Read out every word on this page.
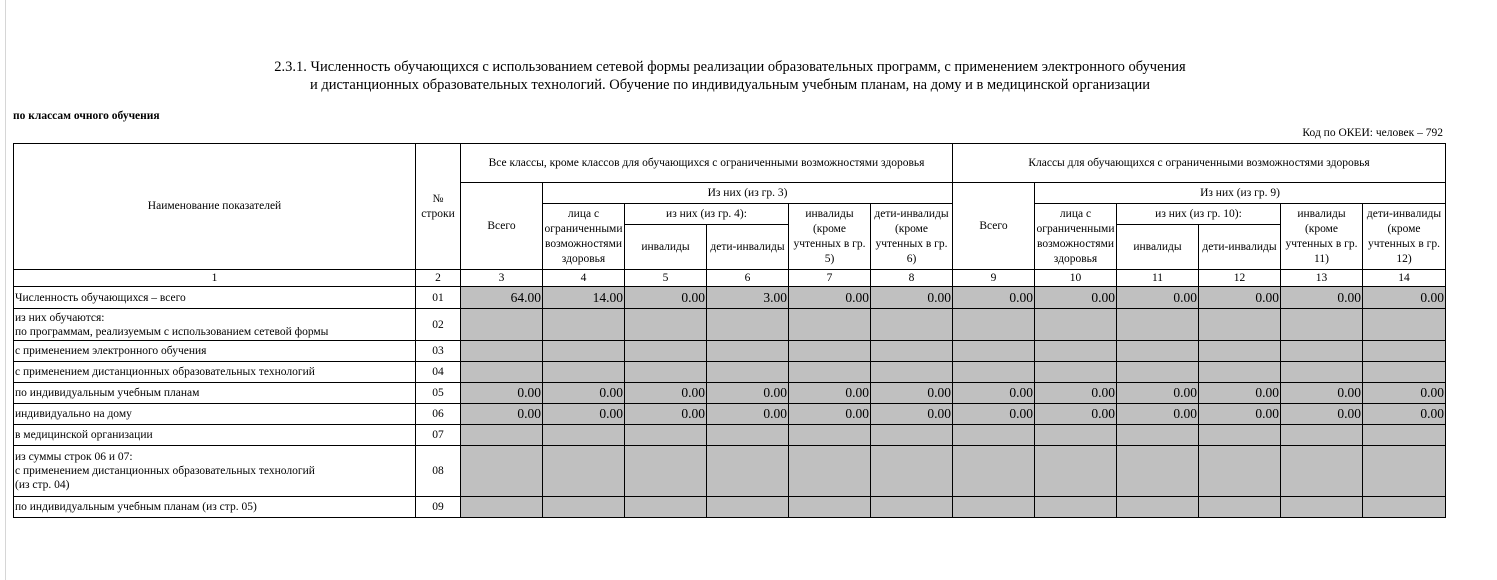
2.3.1. Численность обучающихся с использованием сетевой формы реализации образовательных программ, с применением электронного обучения
и дистанционных образовательных технологий. Обучение по индивидуальным учебным планам, на дому и в медицинской организации
по классам очного обучения
Код по ОКЕИ: человек – 792
Наименование показателей	№ строки	Все классы, кроме классов для обучающихся с ограниченными возможностями здоровья						Классы для обучающихся с ограниченными возможностями здоровья					
		Всего	Из них (из гр. 3)					Всего	Из них (из гр. 9)				
			лица с ограниченными возможностями здоровья	из них (из гр. 4):		инвалиды (кроме учтенных в гр. 5)	дети-инвалиды (кроме учтенных в гр. 6)		лица с ограниченными возможностями здоровья	из них (из гр. 10):		инвалиды (кроме учтенных в гр. 11)	дети-инвалиды (кроме учтенных в гр. 12)
				инвалиды	дети-инвалиды					инвалиды	дети-инвалиды		
1	2	3	4	5	6	7	8	9	10	11	12	13	14
Численность обучающихся – всего	01	64.00	14.00	0.00	3.00	0.00	0.00	0.00	0.00	0.00	0.00	0.00	0.00
из них обучаются:
по программам, реализуемым с использованием сетевой формы	02												
с применением электронного обучения	03												
с применением дистанционных образовательных технологий	04												
по индивидуальным учебным планам	05	0.00	0.00	0.00	0.00	0.00	0.00	0.00	0.00	0.00	0.00	0.00	0.00
индивидуально на дому	06	0.00	0.00	0.00	0.00	0.00	0.00	0.00	0.00	0.00	0.00	0.00	0.00
в медицинской организации	07												
из суммы строк 06 и 07:
с применением дистанционных образовательных технологий
(из стр. 04)	08												
по индивидуальным учебным планам (из стр. 05)	09												
